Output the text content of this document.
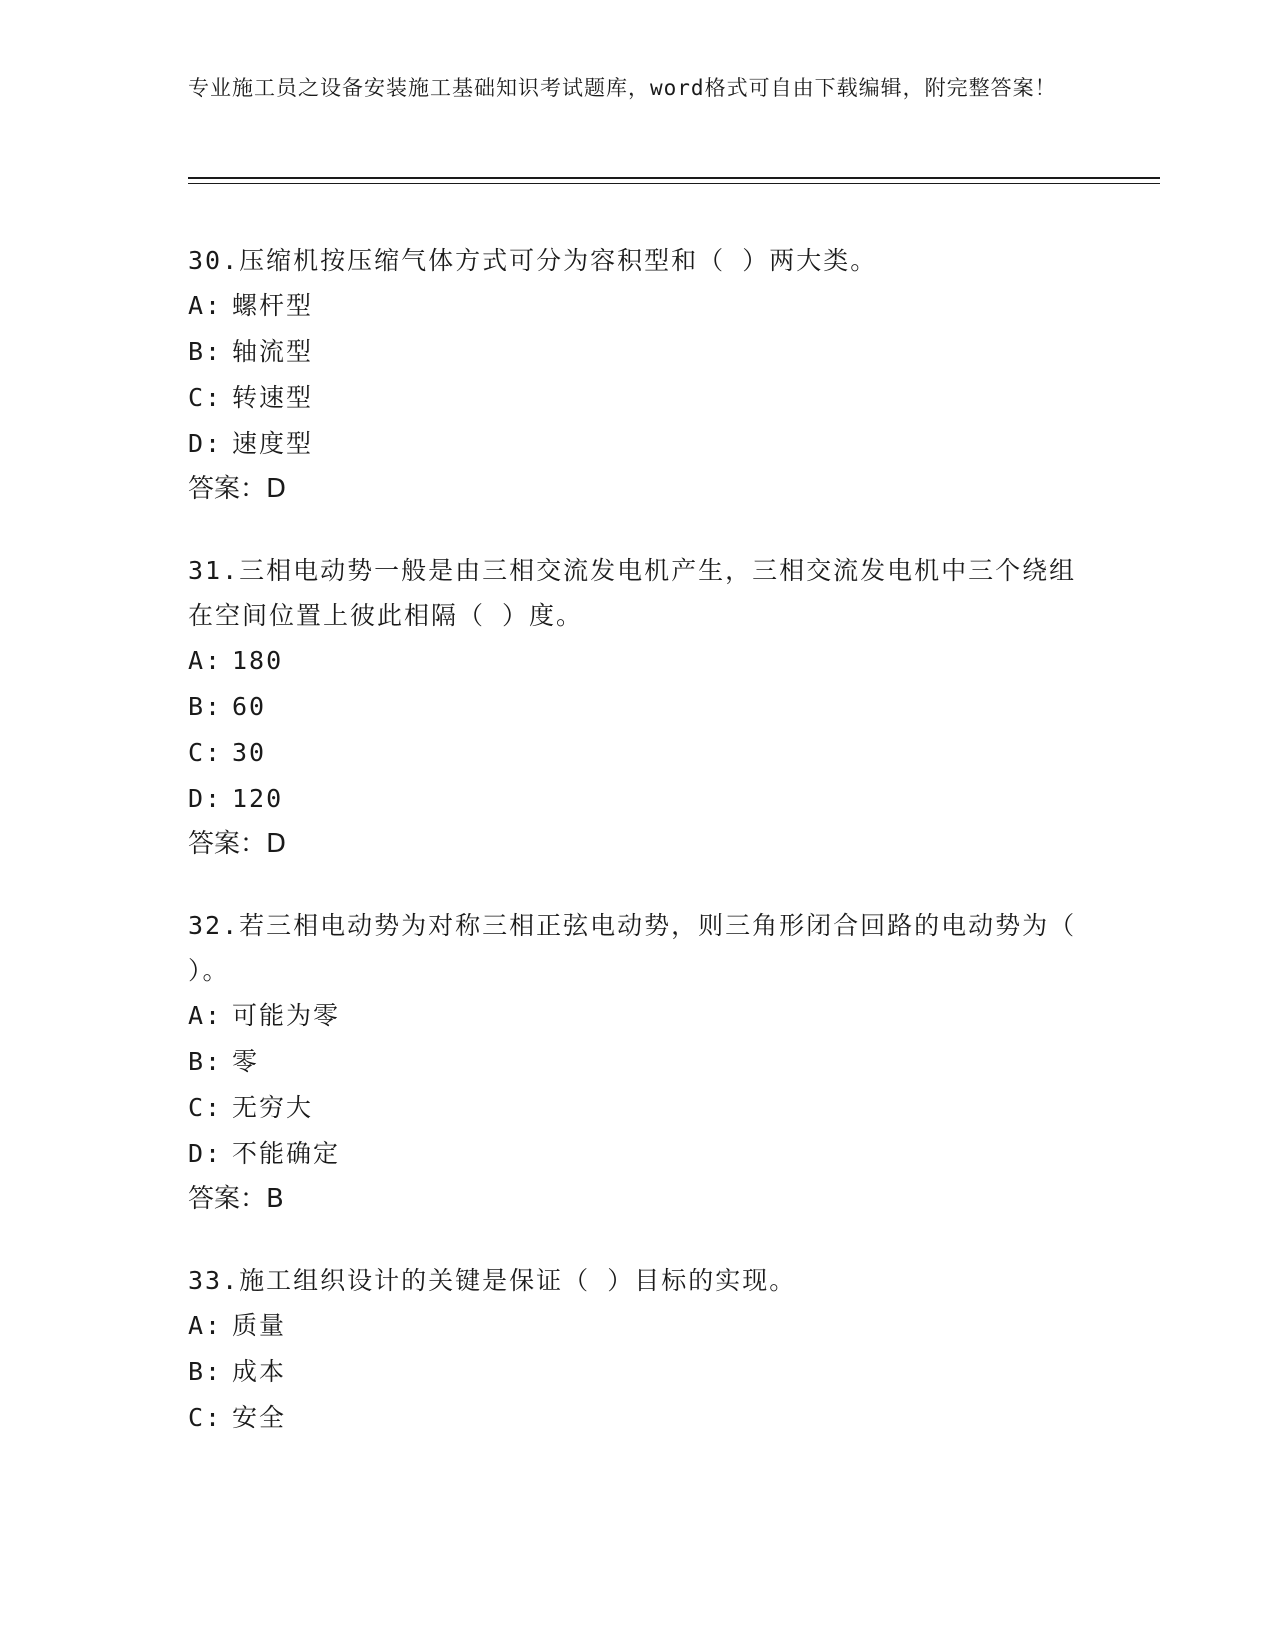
专业施工员之设备安装施工基础知识考试题库，word格式可自由下载编辑，附完整答案！

30.压缩机按压缩气体方式可分为容积型和（ ）两大类。

A: 螺杆型

B: 轴流型

C: 转速型

D: 速度型

答案：D

31.三相电动势一般是由三相交流发电机产生，三相交流发电机中三个绕组在空间位置上彼此相隔（ ）度。

A: 180

B: 60

C: 30

D: 120

答案：D

32.若三相电动势为对称三相正弦电动势，则三角形闭合回路的电动势为（ ）。

A: 可能为零

B: 零

C: 无穷大

D: 不能确定

答案：B

33.施工组织设计的关键是保证（ ）目标的实现。

A: 质量

B: 成本

C: 安全
